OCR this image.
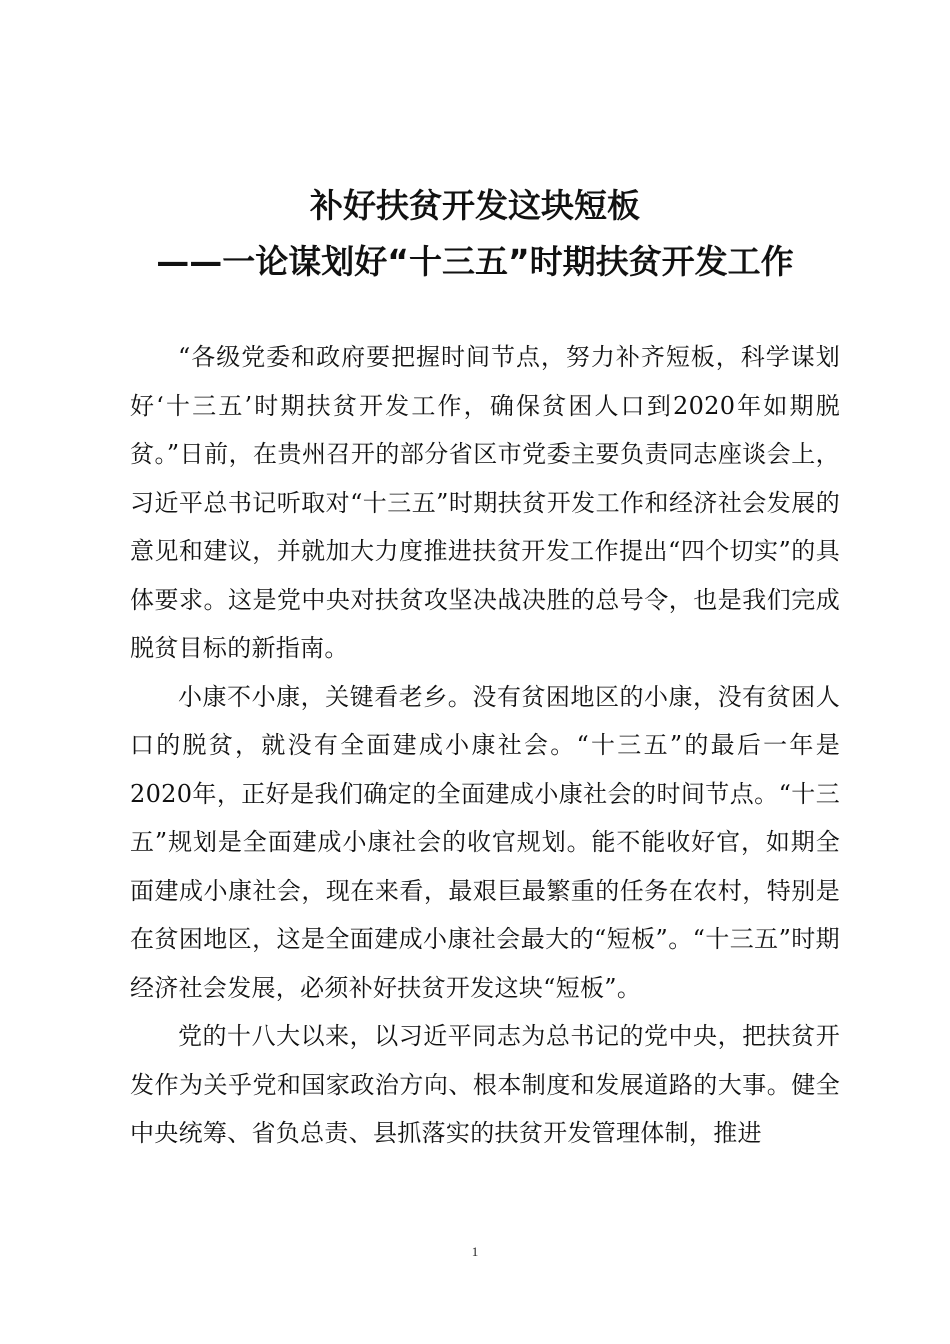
补好扶贫开发这块短板
——一论谋划好“十三五”时期扶贫开发工作

“各级党委和政府要把握时间节点，努力补齐短板，科学谋划好‘十三五’时期扶贫开发工作，确保贫困人口到2020年如期脱贫。”日前，在贵州召开的部分省区市党委主要负责同志座谈会上，习近平总书记听取对“十三五”时期扶贫开发工作和经济社会发展的意见和建议，并就加大力度推进扶贫开发工作提出“四个切实”的具体要求。这是党中央对扶贫攻坚决战决胜的总号令，也是我们完成脱贫目标的新指南。

小康不小康，关键看老乡。没有贫困地区的小康，没有贫困人口的脱贫，就没有全面建成小康社会。“十三五”的最后一年是2020年，正好是我们确定的全面建成小康社会的时间节点。“十三五”规划是全面建成小康社会的收官规划。能不能收好官，如期全面建成小康社会，现在来看，最艰巨最繁重的任务在农村，特别是在贫困地区，这是全面建成小康社会最大的“短板”。“十三五”时期经济社会发展，必须补好扶贫开发这块“短板”。

党的十八大以来，以习近平同志为总书记的党中央，把扶贫开发作为关乎党和国家政治方向、根本制度和发展道路的大事。健全中央统筹、省负总责、县抓落实的扶贫开发管理体制，推进

1
